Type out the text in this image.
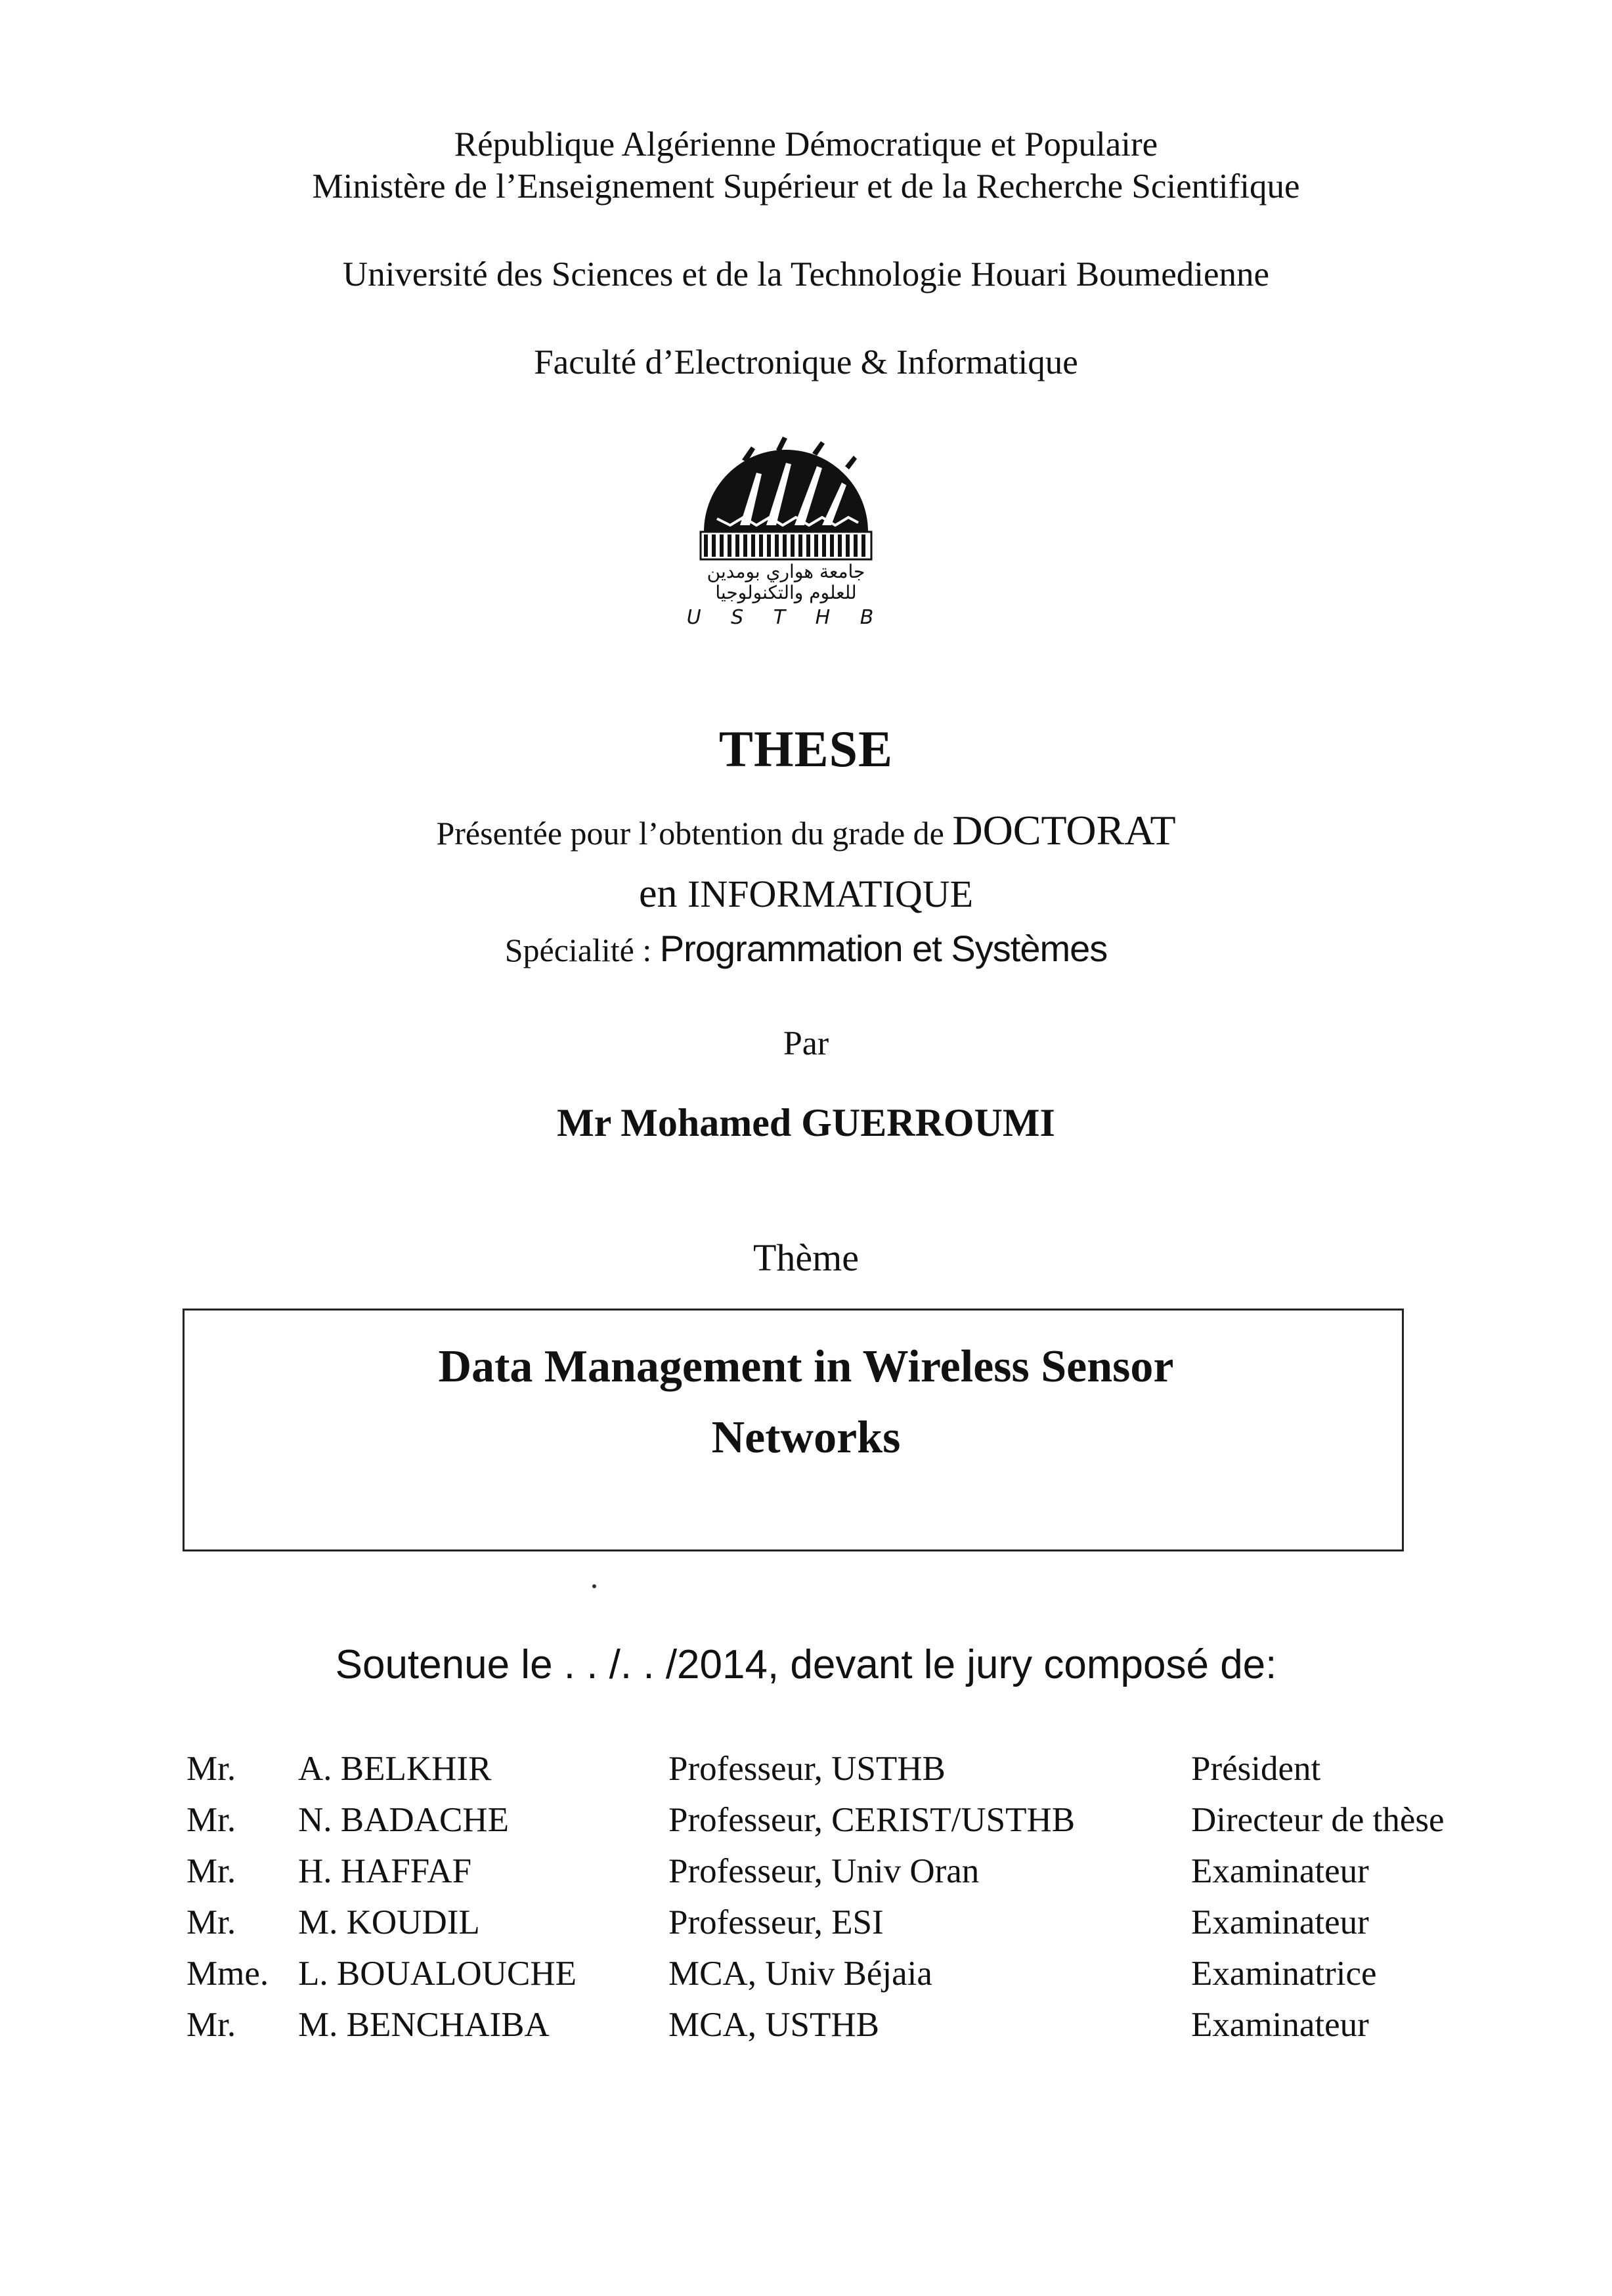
République Algérienne Démocratique et Populaire
Ministère de l’Enseignement Supérieur et de la Recherche Scientifique
Université des Sciences et de la Technologie Houari Boumedienne
Faculté d’Electronique & Informatique
جامعة هواري بومدين
للعلوم والتكنولوجيا
U S T H B
THESE
Présentée pour l’obtention du grade de DOCTORAT
en INFORMATIQUE
Spécialité : Programmation et Systèmes
Par
Mr Mohamed GUERROUMI
Thème
Data Management in Wireless Sensor
Networks
Soutenue le . . /. . /2014, devant le jury composé de:
Mr. A. BELKHIR	Professeur, USTHB	Président
Mr. N. BADACHE	Professeur, CERIST/USTHB	Directeur de thèse
Mr. H. HAFFAF	Professeur, Univ Oran	Examinateur
Mr. M. KOUDIL	Professeur, ESI	Examinateur
Mme. L. BOUALOUCHE	MCA, Univ Béjaia	Examinatrice
Mr. M. BENCHAIBA	MCA, USTHB	Examinateur
